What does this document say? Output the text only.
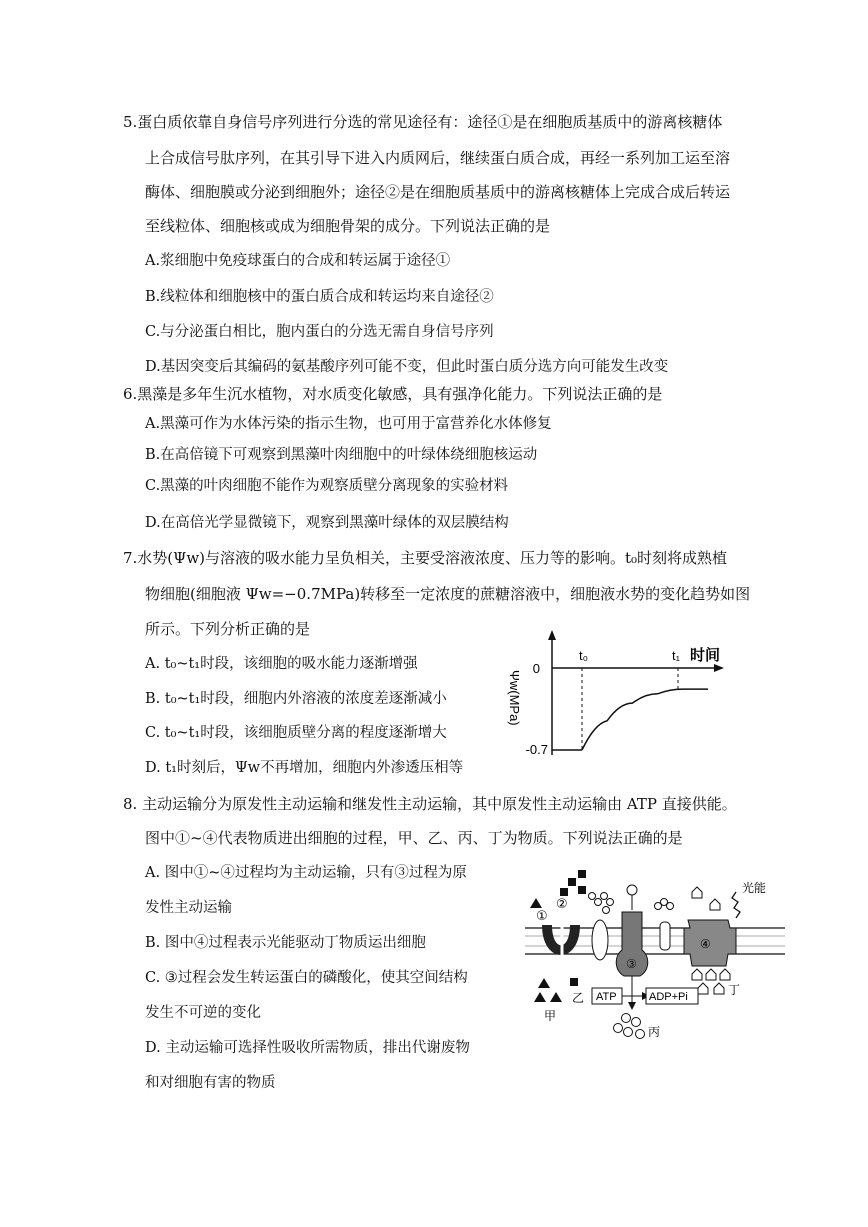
5.蛋白质依靠自身信号序列进行分选的常见途径有：途径①是在细胞质基质中的游离核糖体
上合成信号肽序列，在其引导下进入内质网后，继续蛋白质合成，再经一系列加工运至溶
酶体、细胞膜或分泌到细胞外；途径②是在细胞质基质中的游离核糖体上完成合成后转运
至线粒体、细胞核或成为细胞骨架的成分。下列说法正确的是
A.浆细胞中免疫球蛋白的合成和转运属于途径①
B.线粒体和细胞核中的蛋白质合成和转运均来自途径②
C.与分泌蛋白相比，胞内蛋白的分选无需自身信号序列
D.基因突变后其编码的氨基酸序列可能不变，但此时蛋白质分选方向可能发生改变
6.黑藻是多年生沉水植物，对水质变化敏感，具有强净化能力。下列说法正确的是
A.黑藻可作为水体污染的指示生物，也可用于富营养化水体修复
B.在高倍镜下可观察到黑藻叶肉细胞中的叶绿体绕细胞核运动
C.黑藻的叶肉细胞不能作为观察质壁分离现象的实验材料
D.在高倍光学显微镜下，观察到黑藻叶绿体的双层膜结构
7.水势(Ψw)与溶液的吸水能力呈负相关，主要受溶液浓度、压力等的影响。t₀时刻将成熟植
物细胞(细胞液 Ψw=−0.7MPa)转移至一定浓度的蔗糖溶液中，细胞液水势的变化趋势如图
所示。下列分析正确的是
A. t₀~t₁时段，该细胞的吸水能力逐渐增强
B. t₀~t₁时段，细胞内外溶液的浓度差逐渐减小
C. t₀~t₁时段，该细胞质壁分离的程度逐渐增大
D. t₁时刻后，Ψw不再增加，细胞内外渗透压相等
0
-0.7
t₀	t₁ 时间
Ψw(MPa)
8. 主动运输分为原发性主动运输和继发性主动运输，其中原发性主动运输由 ATP 直接供能。
图中①~④代表物质进出细胞的过程，甲、乙、丙、丁为物质。下列说法正确的是
A. 图中①~④过程均为主动运输，只有③过程为原
发性主动运输
B. 图中④过程表示光能驱动丁物质运出细胞
C. ③过程会发生转运蛋白的磷酸化，使其空间结构
发生不可逆的变化
D. 主动运输可选择性吸收所需物质，排出代谢废物
和对细胞有害的物质
①
②
甲
乙
③
ATP	ADP+Pi
丙
④
光能
丁
